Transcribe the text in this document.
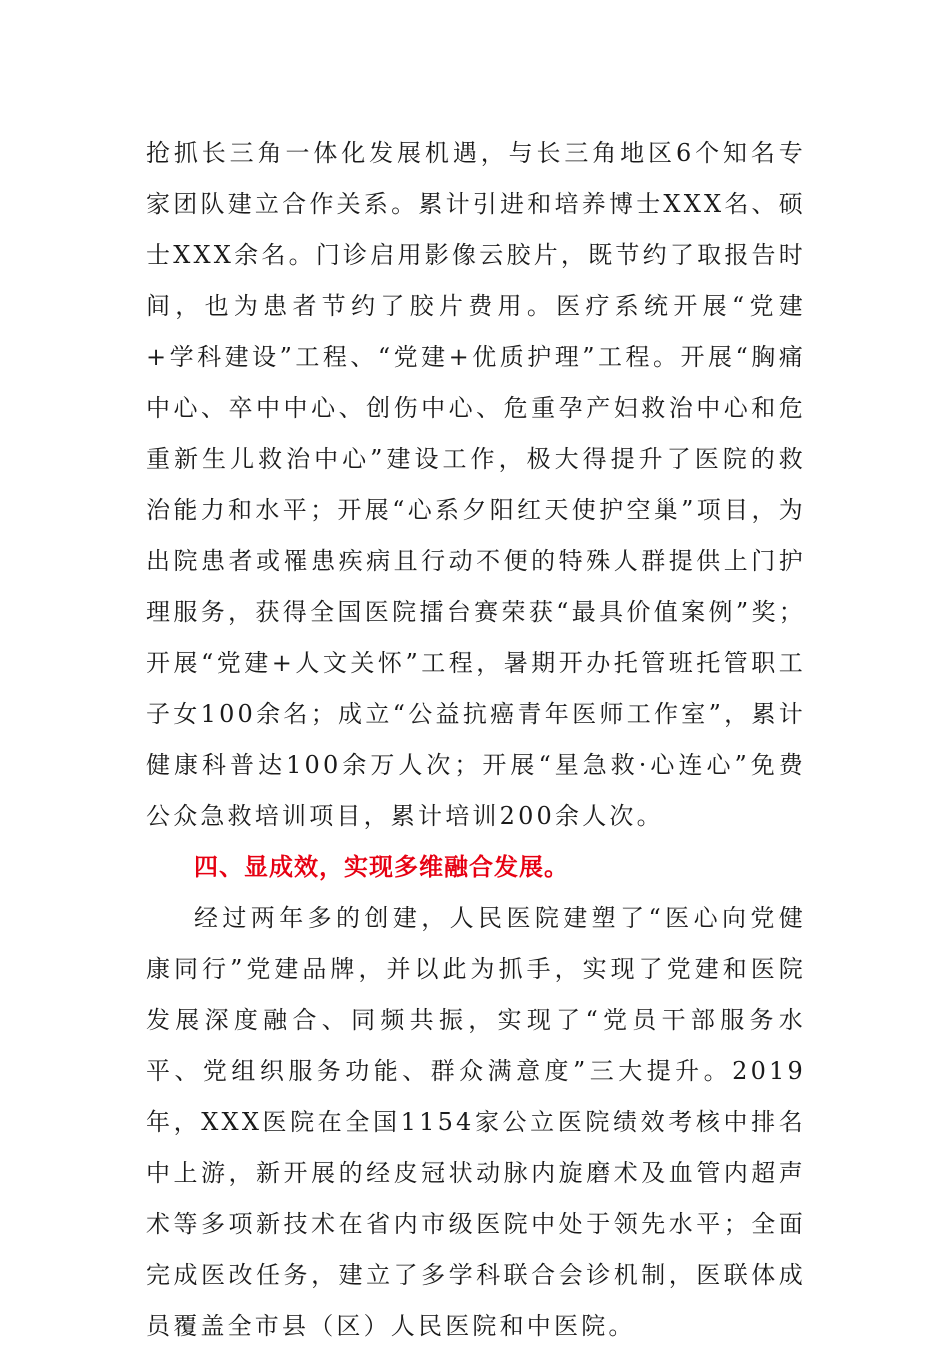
抢抓长三角一体化发展机遇，与长三角地区6个知名专家团队建立合作关系。累计引进和培养博士XXX名、硕士XXX余名。门诊启用影像云胶片，既节约了取报告时间，也为患者节约了胶片费用。医疗系统开展“党建+学科建设”工程、“党建+优质护理”工程。开展“胸痛中心、卒中中心、创伤中心、危重孕产妇救治中心和危重新生儿救治中心”建设工作，极大得提升了医院的救治能力和水平；开展“心系夕阳红天使护空巢”项目，为出院患者或罹患疾病且行动不便的特殊人群提供上门护理服务，获得全国医院擂台赛荣获“最具价值案例”奖；开展“党建+人文关怀”工程，暑期开办托管班托管职工子女100余名；成立“公益抗癌青年医师工作室”，累计健康科普达100余万人次；开展“星急救·心连心”免费公众急救培训项目，累计培训200余人次。

四、显成效，实现多维融合发展。

经过两年多的创建，人民医院建塑了“医心向党健康同行”党建品牌，并以此为抓手，实现了党建和医院发展深度融合、同频共振，实现了“党员干部服务水平、党组织服务功能、群众满意度”三大提升。2019年，XXX医院在全国1154家公立医院绩效考核中排名中上游，新开展的经皮冠状动脉内旋磨术及血管内超声术等多项新技术在省内市级医院中处于领先水平；全面完成医改任务，建立了多学科联合会诊机制，医联体成员覆盖全市县（区）人民医院和中医院。
